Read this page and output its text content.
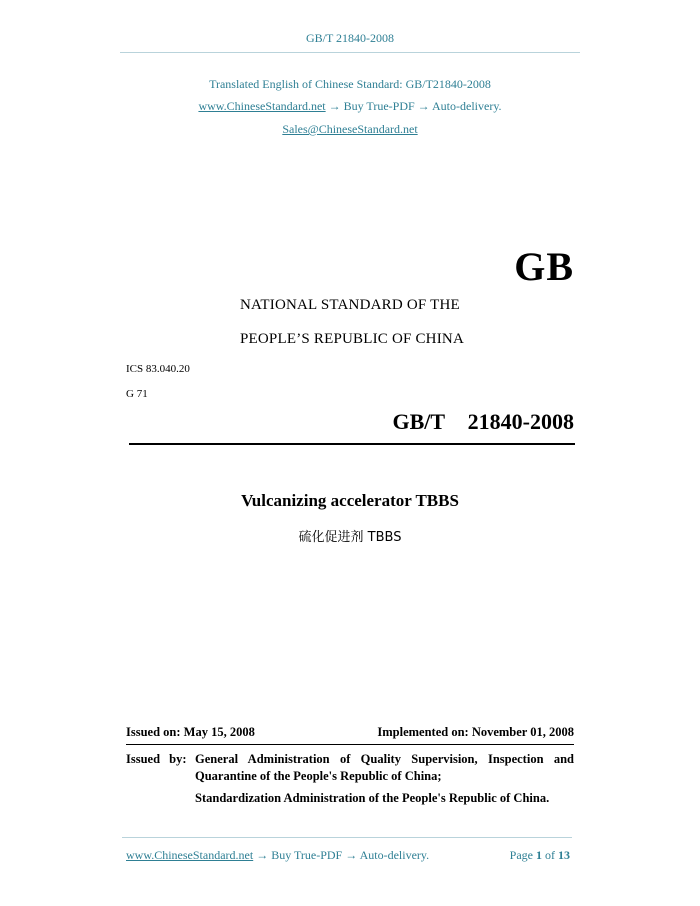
GB/T 21840-2008
Translated English of Chinese Standard: GB/T21840-2008
www.ChineseStandard.net → Buy True-PDF → Auto-delivery.
Sales@ChineseStandard.net
GB
NATIONAL STANDARD OF THE
PEOPLE’S REPUBLIC OF CHINA
ICS 83.040.20
G 71
GB/T  21840-2008
Vulcanizing accelerator TBBS
硫化促进剂 TBBS
Issued on: May 15, 2008	Implemented on: November 01, 2008
Issued by: General Administration of Quality Supervision, Inspection and Quarantine of the People's Republic of China;
Standardization Administration of the People's Republic of China.
www.ChineseStandard.net → Buy True-PDF → Auto-delivery.	Page 1 of 13
